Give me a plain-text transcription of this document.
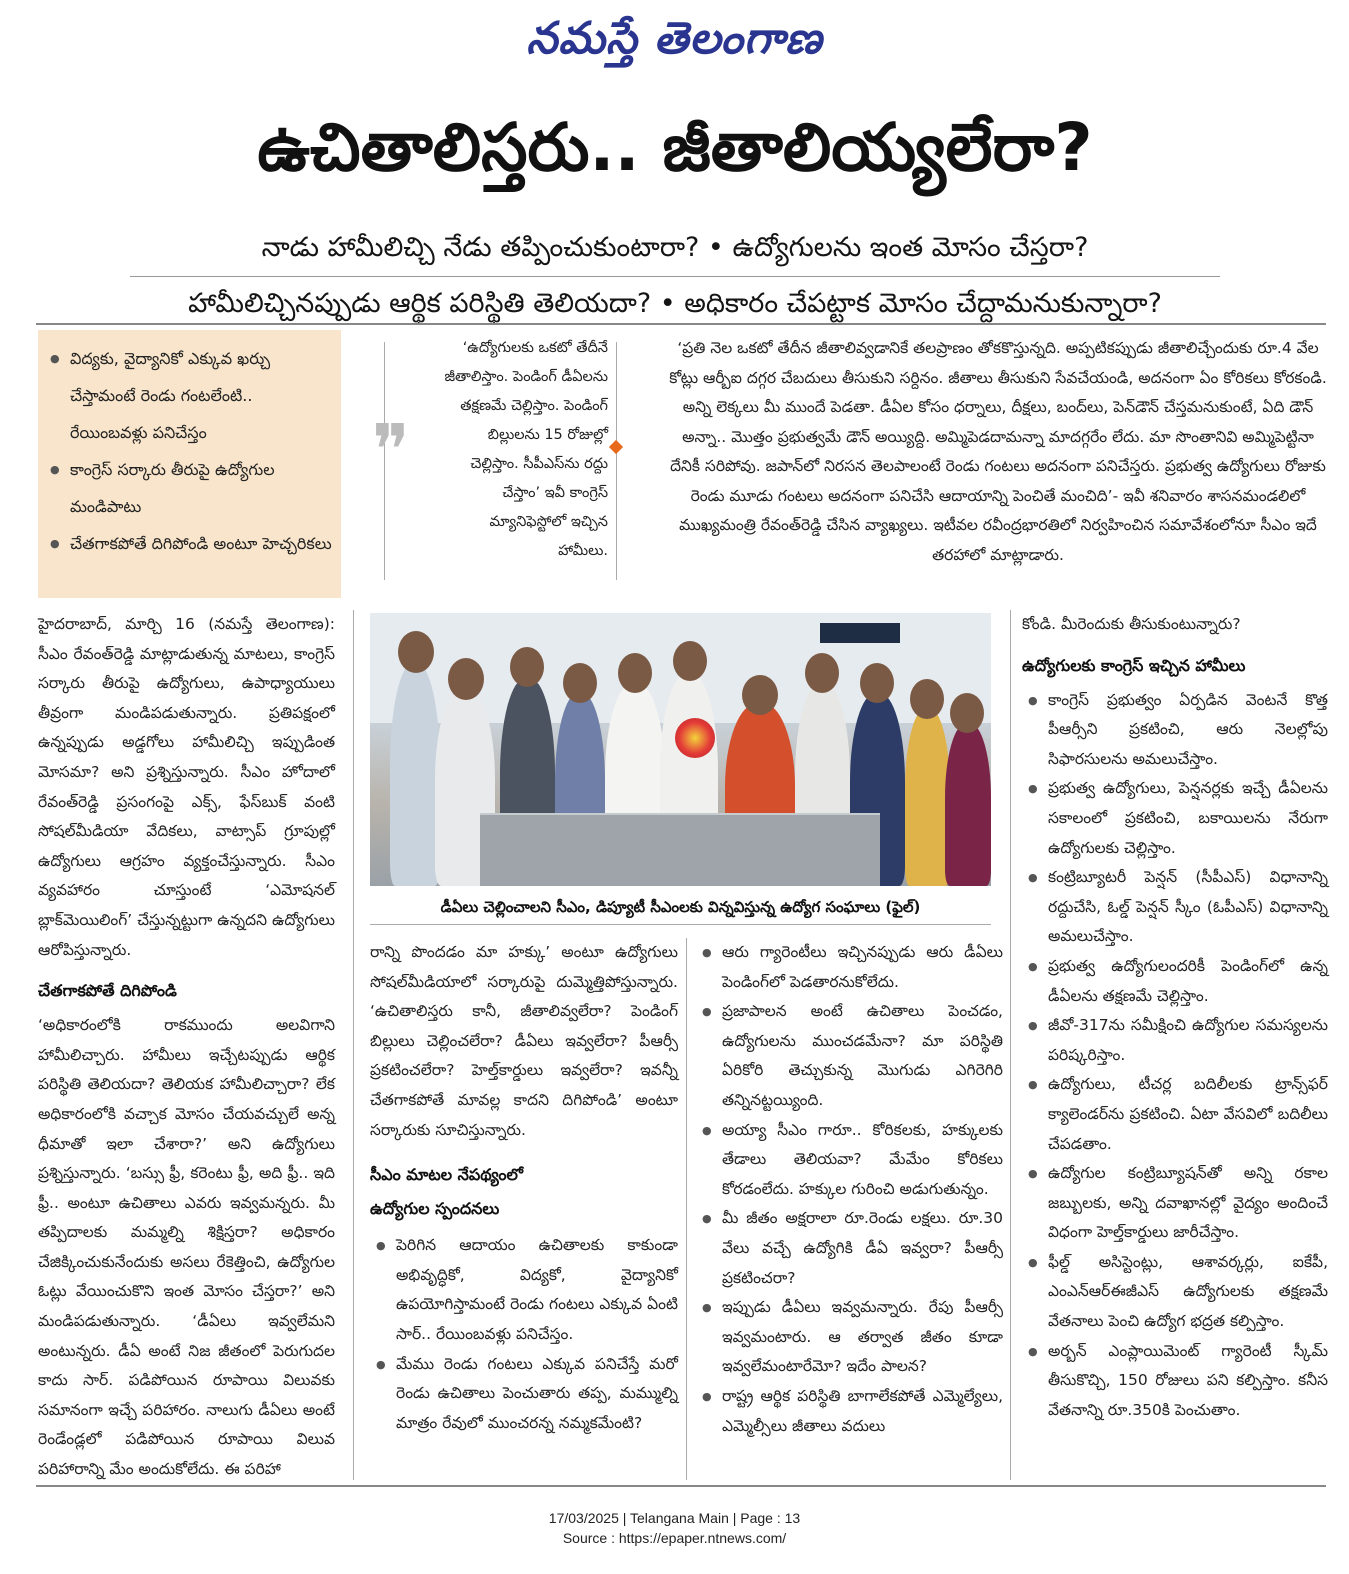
నమస్తే తెలంగాణ
ఉచితాలిస్తరు.. జీతాలియ్యలేరా?
నాడు హామీలిచ్చి నేడు తప్పించుకుంటారా? • ఉద్యోగులను ఇంత మోసం చేస్తరా?
హామీలిచ్చినప్పుడు ఆర్థిక పరిస్థితి తెలియదా? • అధికారం చేపట్టాక మోసం చేద్దామనుకున్నారా?
● విద్యకు, వైద్యానికో ఎక్కువ ఖర్చు చేస్తామంటే రెండు గంటలేంటి.. రేయింబవళ్లు పనిచేస్తం
● కాంగ్రెస్ సర్కారు తీరుపై ఉద్యోగుల మండిపాటు
● చేతగాకపోతే దిగిపోండి అంటూ హెచ్చరికలు
❞
‘ఉద్యోగులకు ఒకటో తేదీనే జీతాలిస్తాం. పెండింగ్ డీఏలను తక్షణమే చెల్లిస్తాం. పెండింగ్ బిల్లులను 15 రోజుల్లో చెల్లిస్తాం. సీపీఎస్‌ను రద్దు చేస్తాం’ ఇవీ కాంగ్రెస్ మ్యానిఫెస్టోలో ఇచ్చిన హామీలు.
‘ప్రతి నెల ఒకటో తేదీన జీతాలివ్వడానికే తలప్రాణం తోకకొస్తున్నది. అప్పటికప్పుడు జీతాలిచ్చేందుకు రూ.4 వేల కోట్లు ఆర్బీఐ దగ్గర చేబదులు తీసుకుని సర్దినం. జీతాలు తీసుకుని సేవచేయండి, అదనంగా ఏం కోరికలు కోరకండి. అన్ని లెక్కలు మీ ముందే పెడతా. డీఏల కోసం ధర్నాలు, దీక్షలు, బంద్‌లు, పెన్‌డౌన్ చేస్తమనుకుంటే, ఏది డౌన్ అన్నా.. మొత్తం ప్రభుత్వమే డౌన్ అయ్యిద్ది. అమ్మిపెడదామన్నా మాదగ్గరేం లేదు. మా సొంతానివి అమ్మిపెట్టినా దేనికీ సరిపోవు. జపాన్‌లో నిరసన తెలపాలంటే రెండు గంటలు అదనంగా పనిచేస్తరు. ప్రభుత్వ ఉద్యోగులు రోజుకు రెండు మూడు గంటలు అదనంగా పనిచేసి ఆదాయాన్ని పెంచితే మంచిది’- ఇవీ శనివారం శాసనమండలిలో ముఖ్యమంత్రి రేవంత్‌రెడ్డి చేసిన వ్యాఖ్యలు. ఇటీవల రవీంద్రభారతిలో నిర్వహించిన సమావేశంలోనూ సీఎం ఇదే తరహాలో మాట్లాడారు.

హైదరాబాద్, మార్చి 16 (నమస్తే తెలంగాణ): సీఎం రేవంత్‌రెడ్డి మాట్లాడుతున్న మాటలు, కాంగ్రెస్ సర్కారు తీరుపై ఉద్యోగులు, ఉపాధ్యాయులు తీవ్రంగా మండిపడుతున్నారు. ప్రతిపక్షంలో ఉన్నప్పుడు అడ్డగోలు హామీలిచ్చి ఇప్పుడింత మోసమా? అని ప్రశ్నిస్తున్నారు. సీఎం హోదాలో రేవంత్‌రెడ్డి ప్రసంగంపై ఎక్స్, ఫేస్‌బుక్ వంటి సోషల్‌మీడియా వేదికలు, వాట్సాప్ గ్రూపుల్లో ఉద్యోగులు ఆగ్రహం వ్యక్తంచేస్తున్నారు. సీఎం వ్యవహారం చూస్తుంటే ‘ఎమోషనల్ బ్లాక్‌మెయిలింగ్’ చేస్తున్నట్టుగా ఉన్నదని ఉద్యోగులు ఆరోపిస్తున్నారు.

చేతగాకపోతే దిగిపోండి

‘అధికారంలోకి రాకముందు అలవిగాని హామీలిచ్చారు. హామీలు ఇచ్చేటప్పుడు ఆర్థిక పరిస్థితి తెలియదా? తెలియక హామీలిచ్చారా? లేక అధికారంలోకి వచ్చాక మోసం చేయవచ్చులే అన్న ధీమాతో ఇలా చేశారా?’ అని ఉద్యోగులు ప్రశ్నిస్తున్నారు. ‘బస్సు ఫ్రీ, కరెంటు ఫ్రీ, అది ఫ్రీ.. ఇది ఫ్రీ.. అంటూ ఉచితాలు ఎవరు ఇవ్వమన్నరు. మీ తప్పిదాలకు మమ్మల్ని శిక్షిస్తరా? అధికారం చేజిక్కించుకునేందుకు అసలు రేకెత్తించి, ఉద్యోగుల ఓట్లు వేయించుకొని ఇంత మోసం చేస్తరా?’ అని మండిపడుతున్నారు. ‘డీఏలు ఇవ్వలేమని అంటున్నరు. డీఏ అంటే నిజ జీతంలో పెరుగుదల కాదు సార్. పడిపోయిన రూపాయి విలువకు సమానంగా ఇచ్చే పరిహారం. నాలుగు డీఏలు అంటే రెండేండ్లలో పడిపోయిన రూపాయి విలువ పరిహారాన్ని మేం అందుకోలేదు. ఈ పరిహా

డీఏలు చెల్లించాలని సీఎం, డిప్యూటీ సీఎంలకు విన్నవిస్తున్న ఉద్యోగ సంఘాలు (ఫైల్)

రాన్ని పొందడం మా హక్కు’ అంటూ ఉద్యోగులు సోషల్‌మీడియాలో సర్కారుపై దుమ్మెత్తిపోస్తున్నారు. ‘ఉచితాలిస్తరు కానీ, జీతాలివ్వలేరా? పెండింగ్ బిల్లులు చెల్లించలేరా? డీఏలు ఇవ్వలేరా? పీఆర్సీ ప్రకటించలేరా? హెల్త్‌కార్డులు ఇవ్వలేరా? ఇవన్నీ చేతగాకపోతే మావల్ల కాదని దిగిపోండి’ అంటూ సర్కారుకు సూచిస్తున్నారు.

సీఎం మాటల నేపథ్యంలో
ఉద్యోగుల స్పందనలు
● పెరిగిన ఆదాయం ఉచితాలకు కాకుండా అభివృద్ధికో, విద్యకో, వైద్యానికో ఉపయోగిస్తామంటే రెండు గంటలు ఎక్కువ ఏంటి సార్.. రేయింబవళ్లు పనిచేస్తం.
● మేము రెండు గంటలు ఎక్కువ పనిచేస్తే మరో రెండు ఉచితాలు పెంచుతారు తప్ప, మమ్ముల్ని మాత్రం రేవులో ముంచరన్న నమ్మకమేంటి?
● ఆరు గ్యారెంటీలు ఇచ్చినప్పుడు ఆరు డీఏలు పెండింగ్‌లో పెడతారనుకోలేదు.
● ప్రజాపాలన అంటే ఉచితాలు పెంచడం, ఉద్యోగులను ముంచడమేనా? మా పరిస్థితి ఏరికోరి తెచ్చుకున్న మొగుడు ఎగిరెగిరి తన్నినట్టయ్యింది.
● అయ్యా సీఎం గారూ.. కోరికలకు, హక్కులకు తేడాలు తెలియవా? మేమేం కోరికలు కోరడంలేదు. హక్కుల గురించి అడుగుతున్నం.
● మీ జీతం అక్షరాలా రూ.రెండు లక్షలు. రూ.30 వేలు వచ్చే ఉద్యోగికి డీఏ ఇవ్వరా? పీఆర్సీ ప్రకటించరా?
● ఇప్పుడు డీఏలు ఇవ్వమన్నారు. రేపు పీఆర్సీ ఇవ్వమంటారు. ఆ తర్వాత జీతం కూడా ఇవ్వలేమంటారేమో? ఇదేం పాలన?
● రాష్ట్ర ఆర్థిక పరిస్థితి బాగాలేకపోతే ఎమ్మెల్యేలు, ఎమ్మెల్సీలు జీతాలు వదులు

కోండి. మీరెందుకు తీసుకుంటున్నారు?

ఉద్యోగులకు కాంగ్రెస్ ఇచ్చిన హామీలు
● కాంగ్రెస్ ప్రభుత్వం ఏర్పడిన వెంటనే కొత్త పీఆర్సీని ప్రకటించి, ఆరు నెలల్లోపు సిఫారసులను అమలుచేస్తాం.
● ప్రభుత్వ ఉద్యోగులు, పెన్షనర్లకు ఇచ్చే డీఏలను సకాలంలో ప్రకటించి, బకాయిలను నేరుగా ఉద్యోగులకు చెల్లిస్తాం.
● కంట్రిబ్యూటరీ పెన్షన్ (సీపీఎస్) విధానాన్ని రద్దుచేసి, ఓల్డ్ పెన్షన్ స్కీం (ఓపీఎస్) విధానాన్ని అమలుచేస్తాం.
● ప్రభుత్వ ఉద్యోగులందరికీ పెండింగ్‌లో ఉన్న డీఏలను తక్షణమే చెల్లిస్తాం.
● జీవో-317ను సమీక్షించి ఉద్యోగుల సమస్యలను పరిష్కరిస్తాం.
● ఉద్యోగులు, టీచర్ల బదిలీలకు ట్రాన్స్‌ఫర్ క్యాలెండర్‌ను ప్రకటించి. ఏటా వేసవిలో బదిలీలు చేపడతాం.
● ఉద్యోగుల కంట్రిబ్యూషన్‌తో అన్ని రకాల జబ్బులకు, అన్ని దవాఖానల్లో వైద్యం అందించే విధంగా హెల్త్‌కార్డులు జారీచేస్తాం.
● ఫీల్డ్ అసిస్టెంట్లు, ఆశావర్కర్లు, ఐకేపీ, ఎంఎన్‌ఆర్‌ఈజీఎస్ ఉద్యోగులకు తక్షణమే వేతనాలు పెంచి ఉద్యోగ భద్రత కల్పిస్తాం.
● అర్బన్ ఎంప్లాయిమెంట్ గ్యారెంటీ స్కీమ్ తీసుకొచ్చి, 150 రోజులు పని కల్పిస్తాం. కనీస వేతనాన్ని రూ.350కి పెంచుతాం.
17/03/2025 | Telangana Main | Page : 13
Source : https://epaper.ntnews.com/
